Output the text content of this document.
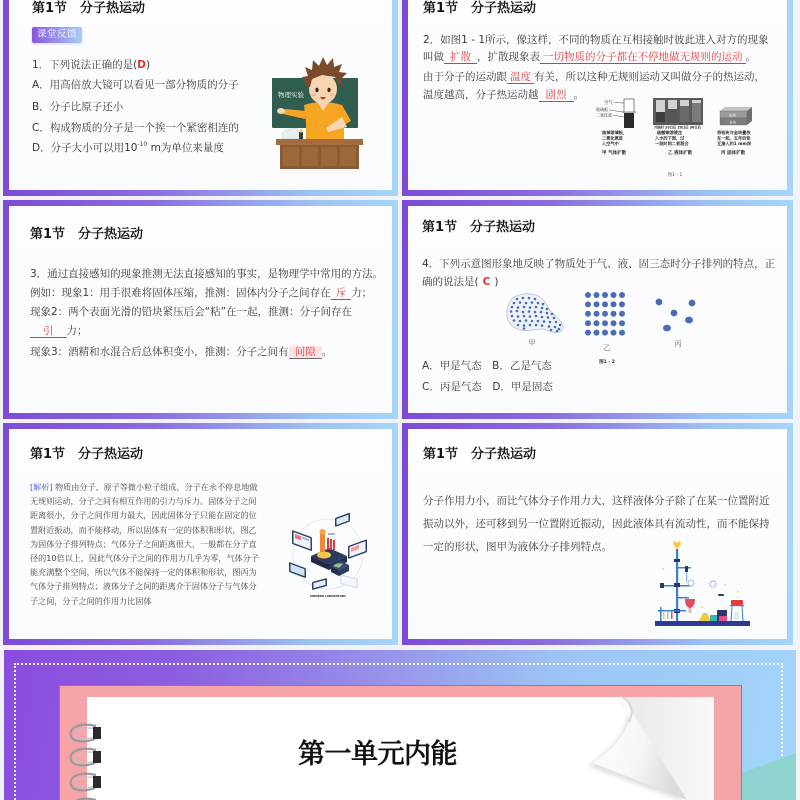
第1节　分子热运动
课堂反馈
1．下列说法正确的是(D)
A．用高倍放大镜可以看见一部分物质的分子
B．分子比原子还小
C．构成物质的分子是一个挨一个紧密相连的
D．分子大小可以用$10^{-10}$ m为单位来量度
物理实验
第1节　分子热运动
2．如图1 - 1所示，像这样，不同的物质在互相接触时彼此进入对方的现象
叫做 扩散 ，扩散现象表 一切物质的分子都在不停地做无规则的运动 。
由于分子的运动跟 温度 有关，所以这种无规则运动又叫做分子的热运动，
温度越高，分子热运动越 剧烈 。
空气
玻璃板
二氧化氮
抽掉玻璃板，
二氧化氮进
入空气中
甲 气体扩散
开始时 10日后 20日后 30日后
硫酸铜溶液注
入水的下面，过
一段时间二者混合
乙 液体扩散
铅块
金块
将铅块与金块叠放
在一起，五年后铅
互渗入约1 mm深
丙 固体扩散
图1 - 1
第1节　分子热运动
3．通过直接感知的现象推测无法直接感知的事实，是物理学中常用的方法。
例如：现象1：用手很难将固体压缩，推测：固体内分子之间存在 斥 力；
现象2：两个表面光滑的铅块紧压后会“粘”在一起，推测：分子间存在
引 力；
现象3：酒精和水混合后总体积变小，推测：分子之间有 间隙 。
第1节　分子热运动
4．下列示意图形象地反映了物质处于气、液、固三态时分子排列的特点，正
确的说法是( C )
甲
乙	丙
图1 - 2
A．甲是气态　B．乙是气态
C．丙是气态　D．甲是固态
第1节　分子热运动
[解析] 物质由分子、原子等微小粒子组成，分子在永不停息地做
无规则运动，分子之间有相互作用的引力与斥力。固体分子之间
距离很小，分子之间作用力最大，因此固体分子只能在固定的位
置附近振动，而不能移动，所以固体有一定的体积和形状，图乙
为固体分子排列特点；气体分子之间距离很大，一般都在分子直
径的10倍以上，因此气体分子之间的作用力几乎为零，气体分子
能充满整个空间，所以气体不能保持一定的体积和形状，图丙为
气体分子排列特点；液体分子之间的距离介于固体分子与气体分
子之间，分子之间的作用力比固体	MODERN LABORATORY
第1节　分子热运动
分子作用力小，而比气体分子作用力大，这样液体分子除了在某一位置附近
振动以外，还可移到另一位置附近振动，因此液体具有流动性，而不能保持
一定的形状，图甲为液体分子排列特点。
第一单元内能
